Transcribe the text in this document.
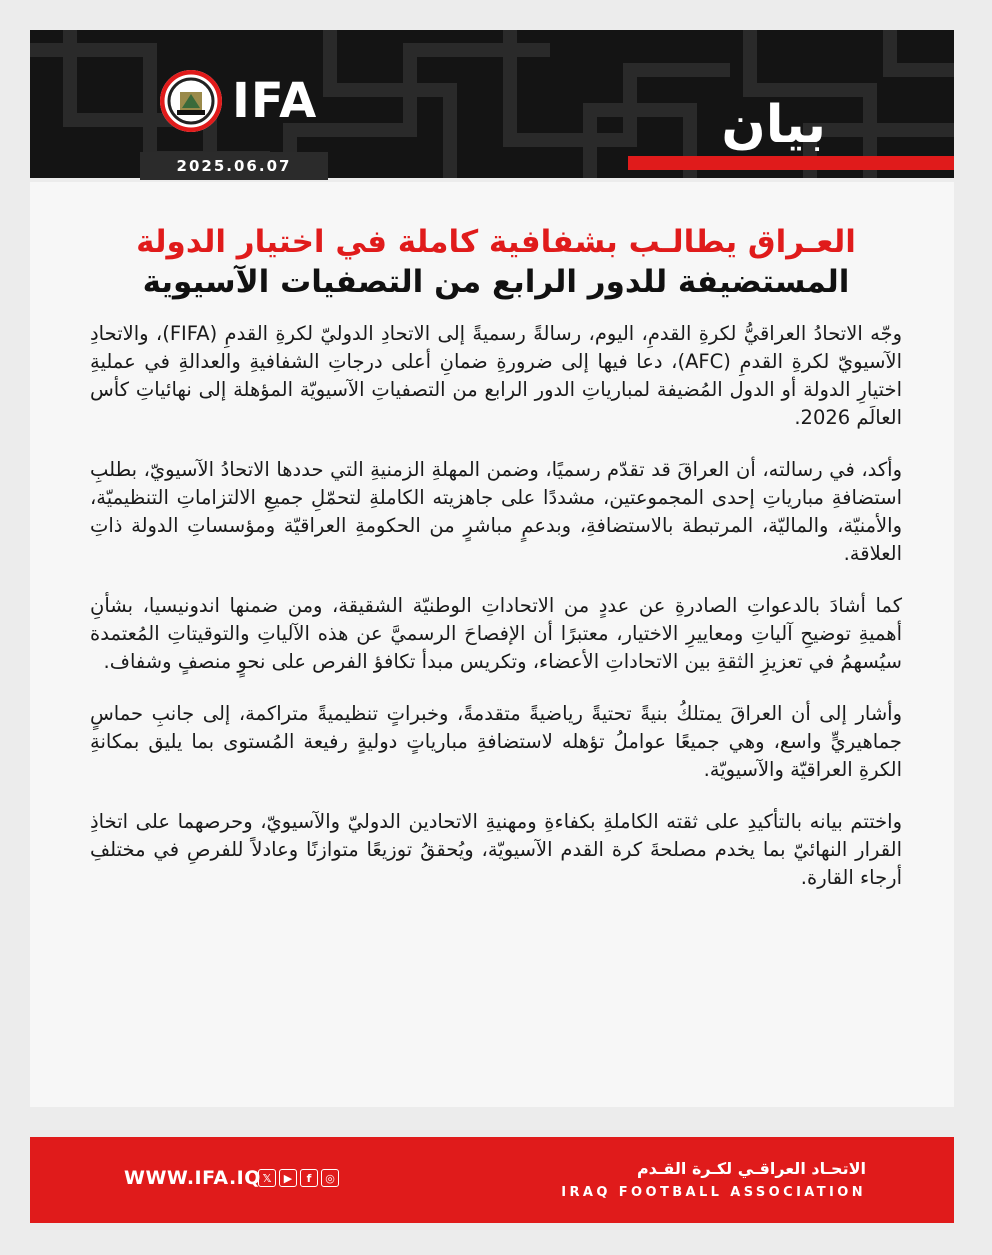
بيان
IFA
2025.06.07
العـراق يطالـب بشفافية كاملة في اختيار الدولة
المستضيفة للدور الرابع من التصفيات الآسيوية

وجّه الاتحادُ العراقيُّ لكرةِ القدمِ، اليوم، رسالةً رسميةً إلى الاتحادِ الدوليّ لكرةِ القدمِ (FIFA)، والاتحادِ الآسيويّ لكرةِ القدمِ (AFC)، دعا فيها إلى ضرورةِ ضمانِ أعلى درجاتِ الشفافيةِ والعدالةِ في عمليةِ اختيارِ الدولة أو الدول المُضيفة لمبارياتِ الدور الرابع من التصفياتِ الآسيويّة المؤهلة إلى نهائياتِ كأس العالَم 2026.

وأكد، في رسالته، أن العراقَ قد تقدّم رسميًا، وضمن المهلةِ الزمنيةِ التي حددها الاتحادُ الآسيويّ، بطلبِ استضافةِ مبارياتِ إحدى المجموعتين، مشددًا على جاهزيته الكاملةِ لتحمّلِ جميعِ الالتزاماتِ التنظيميّة، والأمنيّة، والماليّة، المرتبطة بالاستضافةِ، وبدعمٍ مباشرٍ من الحكومةِ العراقيّة ومؤسساتِ الدولة ذاتِ العلاقة.

كما أشادَ بالدعواتِ الصادرةِ عن عددٍ من الاتحاداتِ الوطنيّة الشقيقة، ومن ضمنها اندونيسيا، بشأنِ أهميةِ توضيحِ آلياتِ ومعاييرِ الاختيار، معتبرًا أن الإفصاحَ الرسميَّ عن هذه الآلياتِ والتوقيتاتِ المُعتمدة سيُسهمُ في تعزيزِ الثقةِ بين الاتحاداتِ الأعضاء، وتكريس مبدأ تكافؤ الفرص على نحوٍ منصفٍ وشفاف.

وأشار إلى أن العراقَ يمتلكُ بنيةً تحتيةً رياضيةً متقدمةً، وخبراتٍ تنظيميةً متراكمة، إلى جانبِ حماسٍ جماهيريٍّ واسع، وهي جميعًا عواملُ تؤهله لاستضافةِ مبارياتٍ دوليةٍ رفيعة المُستوى بما يليق بمكانةِ الكرةِ العراقيّة والآسيويّة.

واختتم بيانه بالتأكيدِ على ثقته الكاملةِ بكفاءةِ ومهنيةِ الاتحادين الدوليّ والآسيويّ، وحرصهما على اتخاذِ القرار النهائيّ بما يخدم مصلحةَ كرة القدم الآسيويّة، ويُحققُ توزيعًا متوازنًا وعادلاً للفرصِ في مختلفِ أرجاء القارة.

WWW.IFA.IQ 𝕏	▶	f	◎	الاتحـاد العراقـي لكـرة القـدم
IRAQ FOOTBALL ASSOCIATION
